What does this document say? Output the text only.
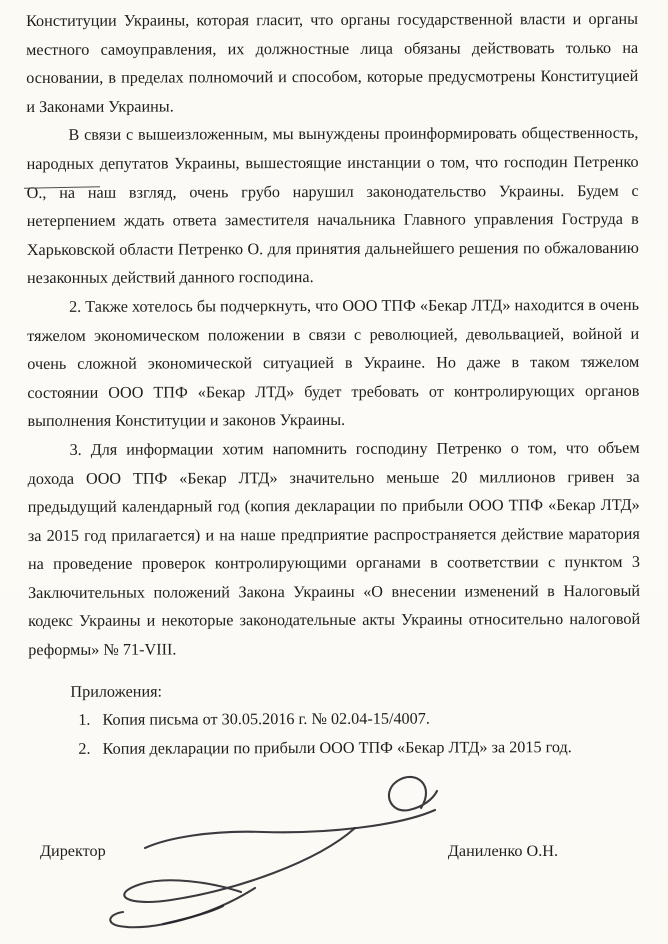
Конституции Украины, которая гласит, что органы государственной власти и органы местного самоуправления, их должностные лица обязаны действовать только на основании, в пределах полномочий и способом, которые предусмотрены Конституцией и Законами Украины.

В связи с вышеизложенным, мы вынуждены проинформировать общественность, народных депутатов Украины, вышестоящие инстанции о том, что господин Петренко О., на наш взгляд, очень грубо нарушил законодательство Украины. Будем с нетерпением ждать ответа заместителя начальника Главного управления Гоструда в Харьковской области Петренко О. для принятия дальнейшего решения по обжалованию незаконных действий данного господина.

2. Также хотелось бы подчеркнуть, что ООО ТПФ «Бекар ЛТД» находится в очень тяжелом экономическом положении в связи с революцией, девольвацией, войной и очень сложной экономической ситуацией в Украине. Но даже в таком тяжелом состоянии ООО ТПФ «Бекар ЛТД» будет требовать от контролирующих органов выполнения Конституции и законов Украины.

3. Для информации хотим напомнить господину Петренко о том, что объем дохода ООО ТПФ «Бекар ЛТД» значительно меньше 20 миллионов гривен за предыдущий календарный год (копия декларации по прибыли ООО ТПФ «Бекар ЛТД» за 2015 год прилагается) и на наше предприятие распространяется действие маратория на проведение проверок контролирующими органами в соответствии с пунктом 3 Заключительных положений Закона Украины «О внесении изменений в Налоговый кодекс Украины и некоторые законодательные акты Украины относительно налоговой реформы» № 71-VIII.

Приложения:

1. Копия письма от 30.05.2016 г. № 02.04-15/4007.
2. Копия декларации по прибыли ООО ТПФ «Бекар ЛТД» за 2015 год.
Директор	Даниленко О.Н.
